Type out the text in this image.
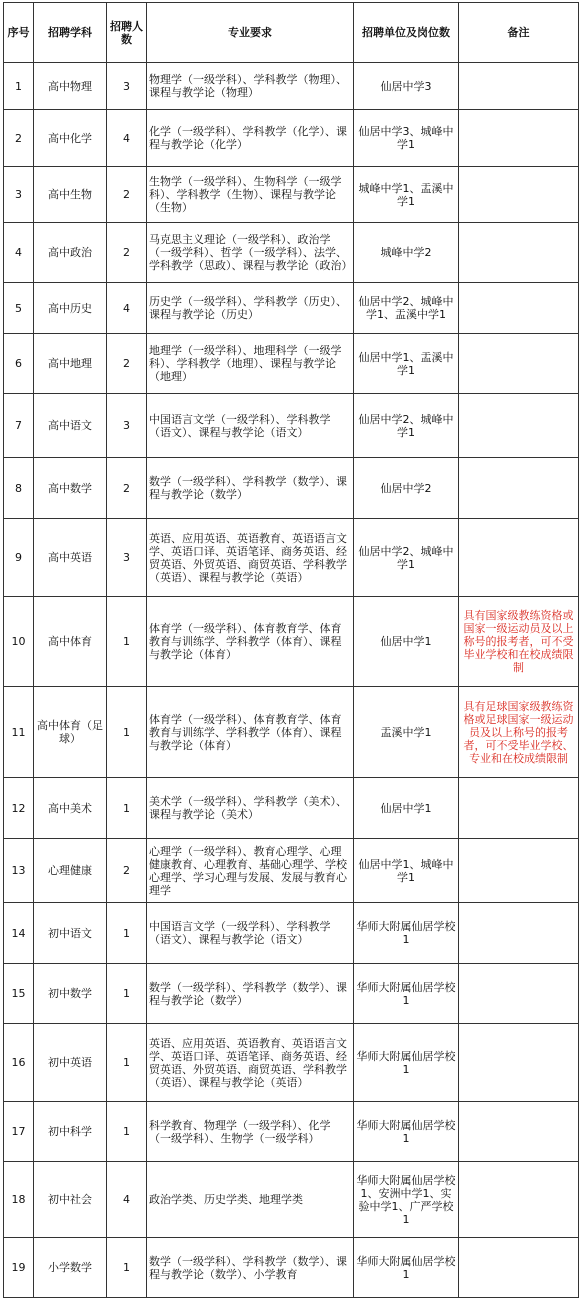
序号	招聘学科	招聘人数	专业要求	招聘单位及岗位数	备注
1	高中物理	3	物理学（一级学科）、学科教学（物理）、课程与教学论（物理）	仙居中学3	
2	高中化学	4	化学（一级学科）、学科教学（化学）、课程与教学论（化学）	仙居中学3、城峰中学1	
3	高中生物	2	生物学（一级学科）、生物科学（一级学科）、学科教学（生物）、课程与教学论（生物）	城峰中学1、盂溪中学1	
4	高中政治	2	马克思主义理论（一级学科）、政治学（一级学科）、哲学（一级学科）、法学、学科教学（思政）、课程与教学论（政治）	城峰中学2	
5	高中历史	4	历史学（一级学科）、学科教学（历史）、课程与教学论（历史）	仙居中学2、城峰中学1、盂溪中学1	
6	高中地理	2	地理学（一级学科）、地理科学（一级学科）、学科教学（地理）、课程与教学论（地理）	仙居中学1、盂溪中学1	
7	高中语文	3	中国语言文学（一级学科）、学科教学（语文）、课程与教学论（语文）	仙居中学2、城峰中学1	
8	高中数学	2	数学（一级学科）、学科教学（数学）、课程与教学论（数学）	仙居中学2	
9	高中英语	3	英语、应用英语、英语教育、英语语言文学、英语口译、英语笔译、商务英语、经贸英语、外贸英语、商贸英语、学科教学（英语）、课程与教学论（英语）	仙居中学2、城峰中学1	
10	高中体育	1	体育学（一级学科）、体育教育学、体育教育与训练学、学科教学（体育）、课程与教学论（体育）	仙居中学1	具有国家级教练资格或国家一级运动员及以上称号的报考者，可不受毕业学校和在校成绩限制
11	高中体育（足球）	1	体育学（一级学科）、体育教育学、体育教育与训练学、学科教学（体育）、课程与教学论（体育）	盂溪中学1	具有足球国家级教练资格或足球国家一级运动员及以上称号的报考者，可不受毕业学校、专业和在校成绩限制
12	高中美术	1	美术学（一级学科）、学科教学（美术）、课程与教学论（美术）	仙居中学1	
13	心理健康	2	心理学（一级学科）、教育心理学、心理健康教育、心理教育、基础心理学、学校心理学、学习心理与发展、发展与教育心理学	仙居中学1、城峰中学1	
14	初中语文	1	中国语言文学（一级学科）、学科教学（语文）、课程与教学论（语文）	华师大附属仙居学校1	
15	初中数学	1	数学（一级学科）、学科教学（数学）、课程与教学论（数学）	华师大附属仙居学校1	
16	初中英语	1	英语、应用英语、英语教育、英语语言文学、英语口译、英语笔译、商务英语、经贸英语、外贸英语、商贸英语、学科教学（英语）、课程与教学论（英语）	华师大附属仙居学校1	
17	初中科学	1	科学教育、物理学（一级学科）、化学（一级学科）、生物学（一级学科）	华师大附属仙居学校1	
18	初中社会	4	政治学类、历史学类、地理学类	华师大附属仙居学校1、安洲中学1、实验中学1、广严学校1	
19	小学数学	1	数学（一级学科）、学科教学（数学）、课程与教学论（数学）、小学教育	华师大附属仙居学校1	
